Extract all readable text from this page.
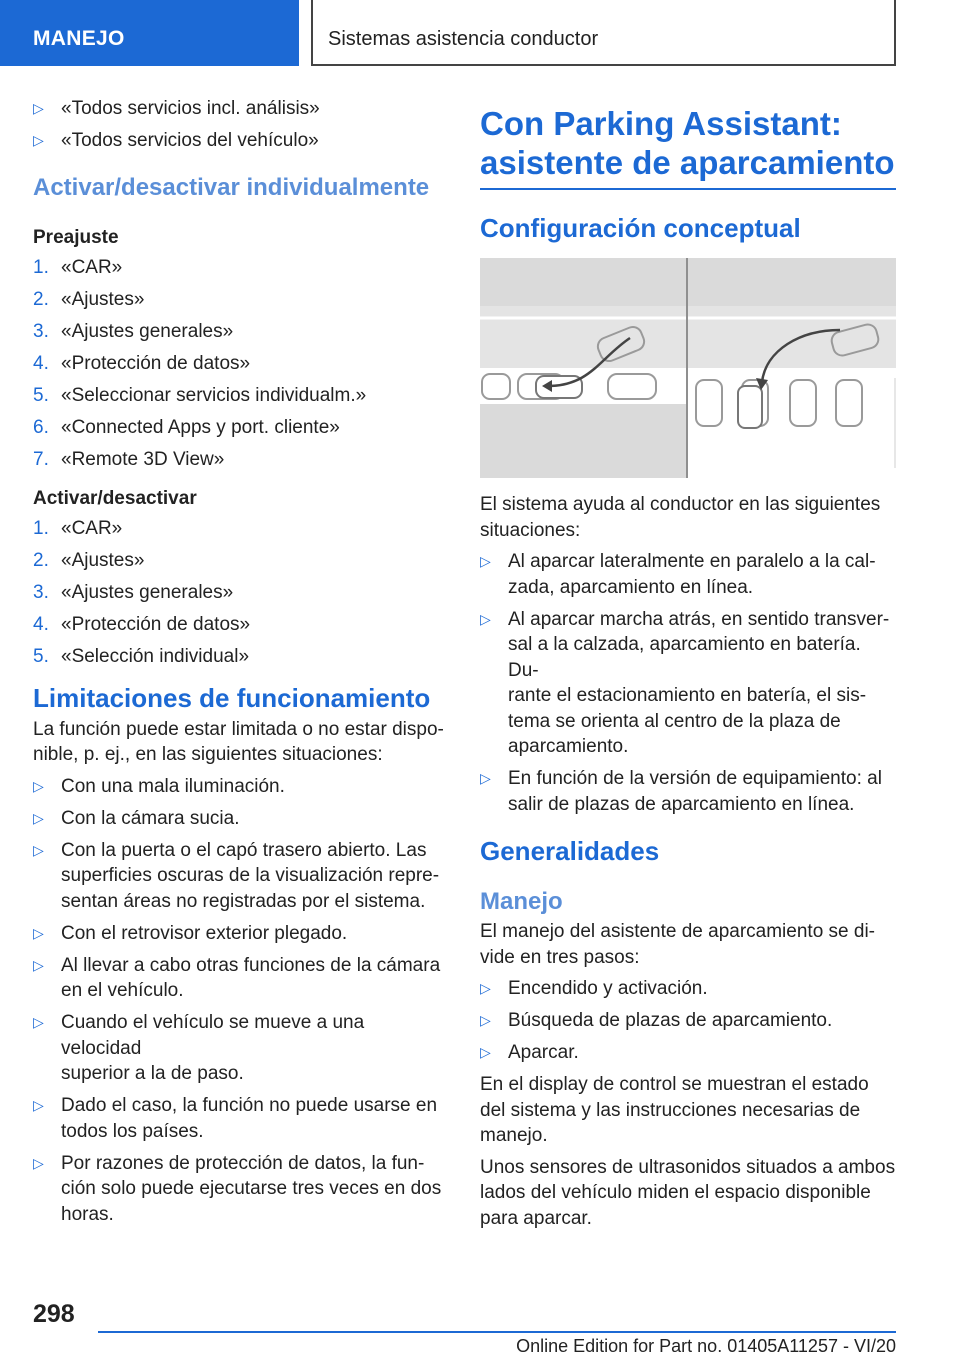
MANEJO	Sistemas asistencia conductor
▷ «Todos servicios incl. análisis»
▷ «Todos servicios del vehículo»
Activar/desactivar individualmente
Preajuste
1. «CAR»
2. «Ajustes»
3. «Ajustes generales»
4. «Protección de datos»
5. «Seleccionar servicios individualm.»
6. «Connected Apps y port. cliente»
7. «Remote 3D View»
Activar/desactivar
1. «CAR»
2. «Ajustes»
3. «Ajustes generales»
4. «Protección de datos»
5. «Selección individual»
Limitaciones de funcionamiento

La función puede estar limitada o no estar dispo-
nible, p. ej., en las siguientes situaciones:

▷ Con una mala iluminación.
▷ Con la cámara sucia.
▷ Con la puerta o el capó trasero abierto. Las
superficies oscuras de la visualización repre-
sentan áreas no registradas por el sistema.
▷ Con el retrovisor exterior plegado.
▷ Al llevar a cabo otras funciones de la cámara
en el vehículo.
▷ Cuando el vehículo se mueve a una velocidad
superior a la de paso.
▷ Dado el caso, la función no puede usarse en
todos los países.
▷ Por razones de protección de datos, la fun-
ción solo puede ejecutarse tres veces en dos
horas.
Con Parking Assistant:
asistente de aparcamiento
Configuración conceptual

El sistema ayuda al conductor en las siguientes
situaciones:

▷ Al aparcar lateralmente en paralelo a la cal-
zada, aparcamiento en línea.
▷ Al aparcar marcha atrás, en sentido transver-
sal a la calzada, aparcamiento en batería. Du-
rante el estacionamiento en batería, el sis-
tema se orienta al centro de la plaza de
aparcamiento.
▷ En función de la versión de equipamiento: al
salir de plazas de aparcamiento en línea.
Generalidades
Manejo

El manejo del asistente de aparcamiento se di-
vide en tres pasos:

▷ Encendido y activación.
▷ Búsqueda de plazas de aparcamiento.
▷ Aparcar.

En el display de control se muestran el estado
del sistema y las instrucciones necesarias de
manejo.

Unos sensores de ultrasonidos situados a ambos
lados del vehículo miden el espacio disponible
para aparcar.

298
Online Edition for Part no. 01405A11257 - VI/20
